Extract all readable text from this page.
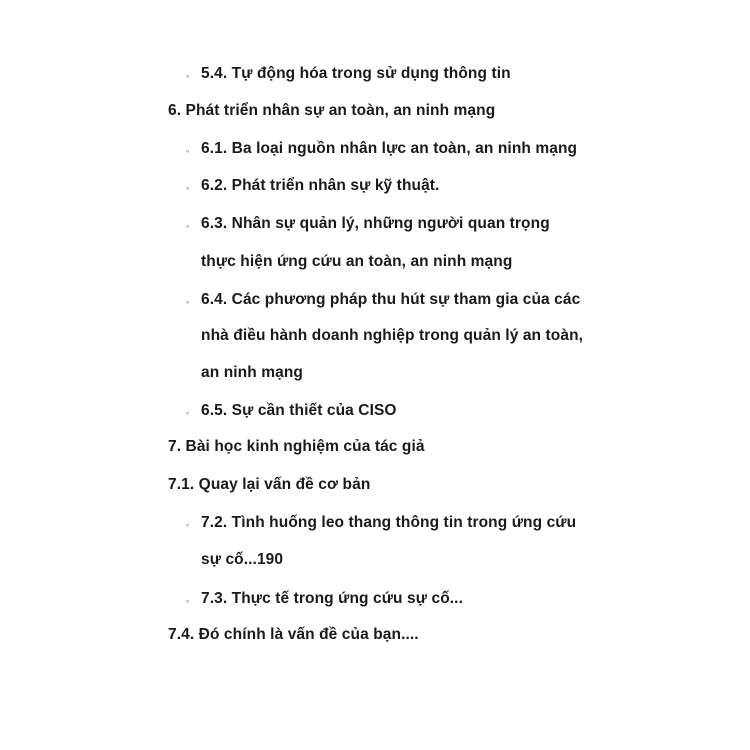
◦ 5.4. Tự động hóa trong sử dụng thông tin
6. Phát triển nhân sự an toàn, an ninh mạng
◦ 6.1. Ba loại nguồn nhân lực an toàn, an ninh mạng
◦ 6.2. Phát triển nhân sự kỹ thuật.
◦ 6.3. Nhân sự quản lý, những người quan trọng
thực hiện ứng cứu an toàn, an ninh mạng
◦ 6.4. Các phương pháp thu hút sự tham gia của các
nhà điều hành doanh nghiệp trong quản lý an toàn,
an ninh mạng
◦ 6.5. Sự cần thiết của CISO
7. Bài học kinh nghiệm của tác giả
7.1. Quay lại vấn đề cơ bản
◦ 7.2. Tình huống leo thang thông tin trong ứng cứu
sự cố...190
◦ 7.3. Thực tế trong ứng cứu sự cố...
7.4. Đó chính là vấn đề của bạn....
